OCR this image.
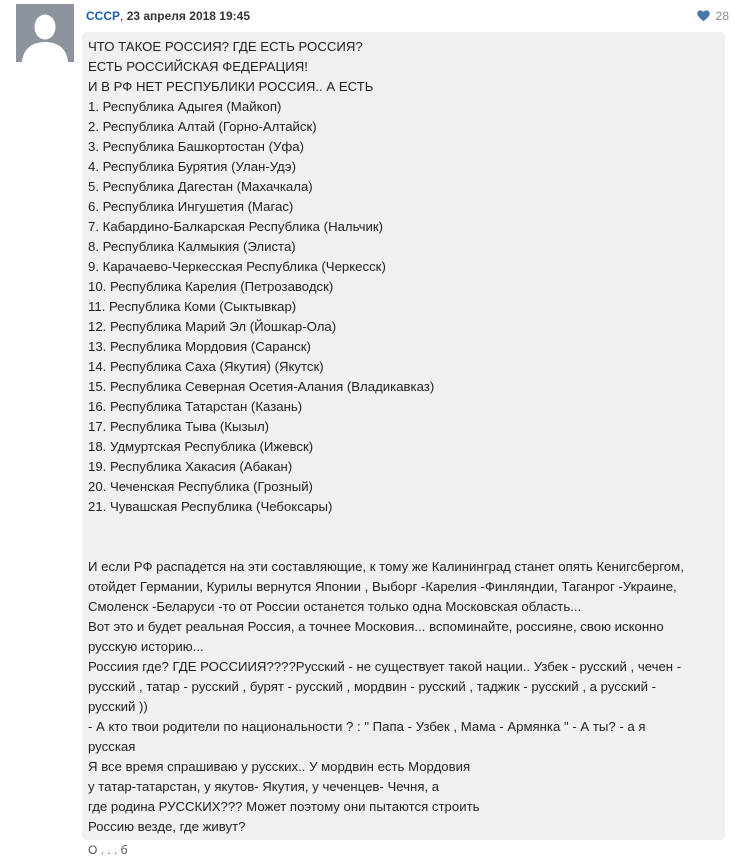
СССР, 23 апреля 2018 19:45	28
ЧТО ТАКОЕ РОССИЯ? ГДЕ ЕСТЬ РОССИЯ?
ЕСТЬ РОССИЙСКАЯ ФЕДЕРАЦИЯ!
И В РФ НЕТ РЕСПУБЛИКИ РОССИЯ.. А ЕСТЬ
1. Республика Адыгея (Майкоп)
2. Республика Алтай (Горно-Алтайск)
3. Республика Башкортостан (Уфа)
4. Республика Бурятия (Улан-Удэ)
5. Республика Дагестан (Махачкала)
6. Республика Ингушетия (Магас)
7. Кабардино-Балкарская Республика (Нальчик)
8. Республика Калмыкия (Элиста)
9. Карачаево-Черкесская Республика (Черкесск)
10. Республика Карелия (Петрозаводск)
11. Республика Коми (Сыктывкар)
12. Республика Марий Эл (Йошкар-Ола)
13. Республика Мордовия (Саранск)
14. Республика Саха (Якутия) (Якутск)
15. Республика Северная Осетия-Алания (Владикавказ)
16. Республика Татарстан (Казань)
17. Республика Тыва (Кызыл)
18. Удмуртская Республика (Ижевск)
19. Республика Хакасия (Абакан)
20. Чеченская Республика (Грозный)
21. Чувашская Республика (Чебоксары)
И если РФ распадется на эти составляющие, к тому же Калининград станет опять Кенигсбергом,
отойдет Германии, Курилы вернутся Японии , Выборг -Карелия -Финляндии, Таганрог -Украине,
Смоленск -Беларуси -то от России останется только одна Московская область...
Вот это и будет реальная Россия, а точнее Московия... вспоминайте, россияне, свою исконно
русскую историю...
Россиия где? ГДЕ РОССИИЯ????Русский - не существует такой нации.. Узбек - русский , чечен -
русский , татар - русский , бурят - русский , мордвин - русский , таджик - русский , а русский -
русский ))
- А кто твои родители по национальности ? : " Папа - Узбек , Мама - Армянка " - А ты? - а я
русская
Я все время спрашиваю у русских.. У мордвин есть Мордовия
у татар-татарстан, у якутов- Якутия, у чеченцев- Чечня, а
где родина РУССКИХ??? Может поэтому они пытаются строить
Россию везде, где живут?
О . . . б
